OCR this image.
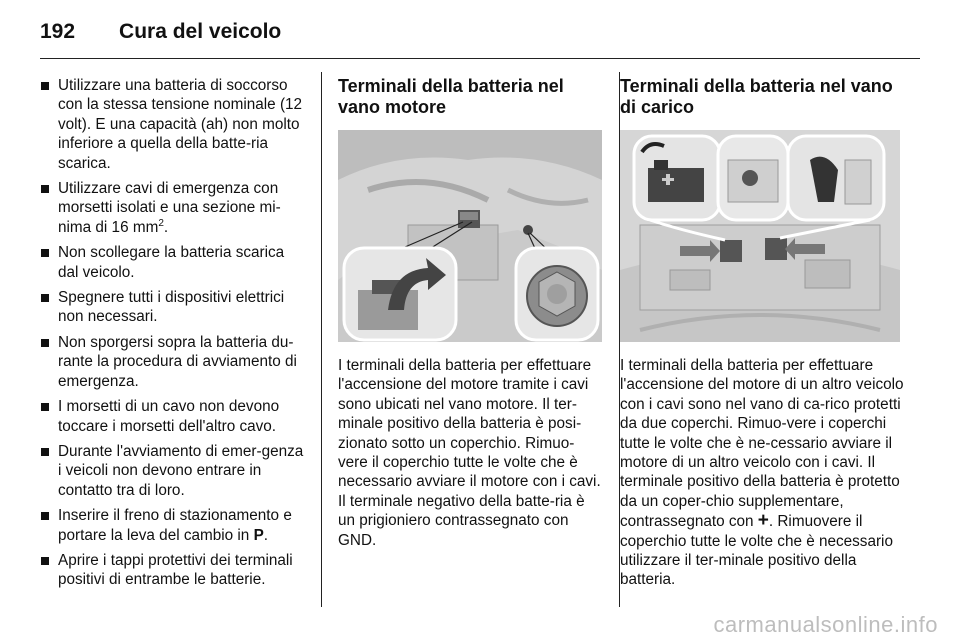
192 Cura del veicolo
Utilizzare una batteria di soccorso con la stessa tensione nominale (12 volt). E una capacità (ah) non molto inferiore a quella della batte-ria scarica.
Utilizzare cavi di emergenza con morsetti isolati e una sezione mi-nima di 16 $mm^2$.
Non scollegare la batteria scarica dal veicolo.
Spegnere tutti i dispositivi elettrici non necessari.
Non sporgersi sopra la batteria du-rante la procedura di avviamento di emergenza.
I morsetti di un cavo non devono toccare i morsetti dell'altro cavo.
Durante l'avviamento di emer-genza i veicoli non devono entrare in contatto tra di loro.
Inserire il freno di stazionamento e portare la leva del cambio in P.
Aprire i tappi protettivi dei terminali positivi di entrambe le batterie.
Terminali della batteria nel vano motore

I terminali della batteria per effettuare l'accensione del motore tramite i cavi sono ubicati nel vano motore. Il ter-minale positivo della batteria è posi-zionato sotto un coperchio. Rimuo-vere il coperchio tutte le volte che è necessario avviare il motore con i cavi. Il terminale negativo della batte-ria è un prigioniero contrassegnato con GND.

Terminali della batteria nel vano di carico

I terminali della batteria per effettuare l'accensione del motore di un altro veicolo con i cavi sono nel vano di ca-rico protetti da due coperchi. Rimuo-vere i coperchi tutte le volte che è ne-cessario avviare il motore di un altro veicolo con i cavi. Il terminale positivo della batteria è protetto da un coper-chio supplementare, contrassegnato con +. Rimuovere il coperchio tutte le volte che è necessario utilizzare il ter-minale positivo della batteria.

carmanualsonline.info
